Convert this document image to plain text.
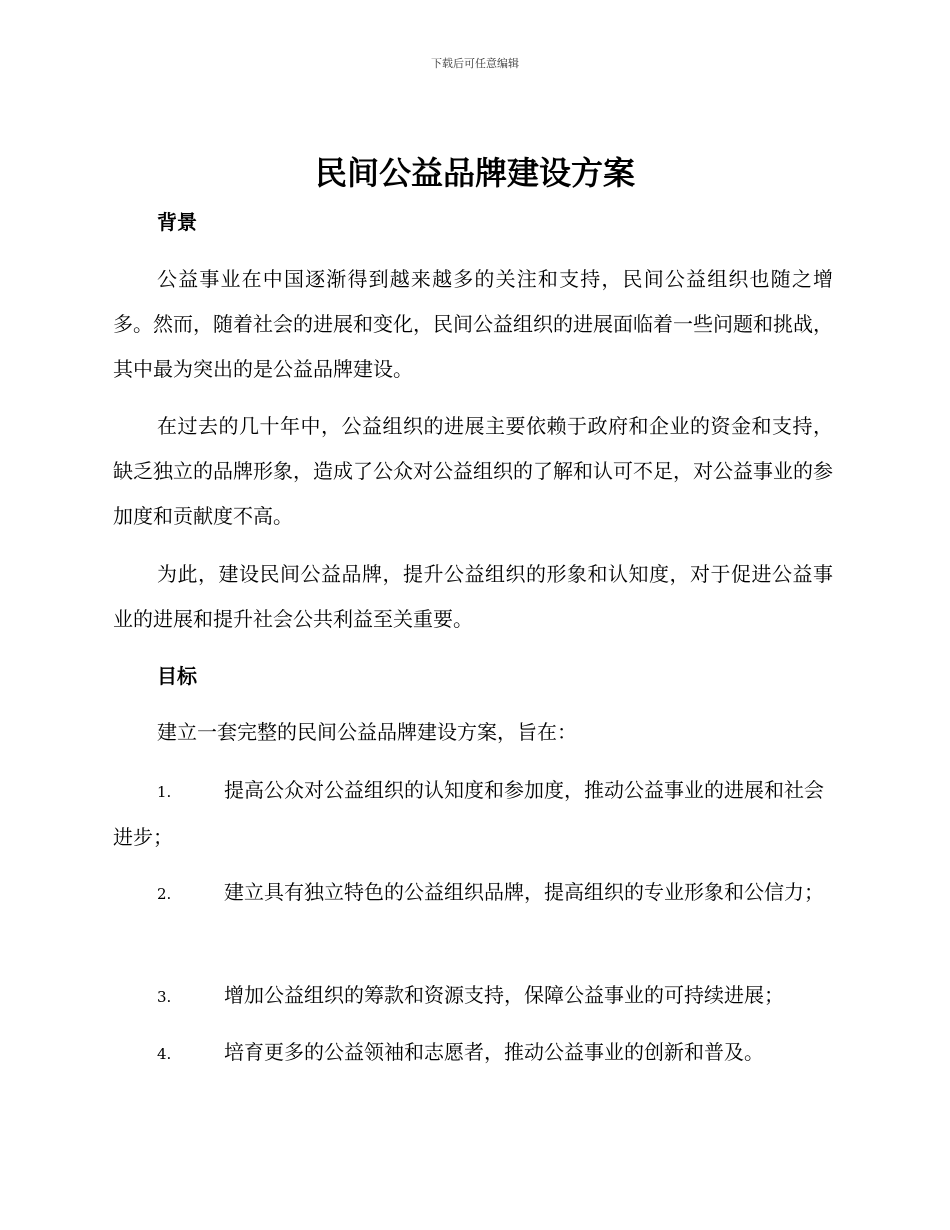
下载后可任意编辑
民间公益品牌建设方案
背景

公益事业在中国逐渐得到越来越多的关注和支持，民间公益组织也随之增多。然而，随着社会的进展和变化，民间公益组织的进展面临着一些问题和挑战，其中最为突出的是公益品牌建设。

在过去的几十年中，公益组织的进展主要依赖于政府和企业的资金和支持，缺乏独立的品牌形象，造成了公众对公益组织的了解和认可不足，对公益事业的参加度和贡献度不高。

为此，建设民间公益品牌，提升公益组织的形象和认知度，对于促进公益事业的进展和提升社会公共利益至关重要。

目标

建立一套完整的民间公益品牌建设方案，旨在：

1.	提高公众对公益组织的认知度和参加度，推动公益事业的进展和社会进步；

2.	建立具有独立特色的公益组织品牌，提高组织的专业形象和公信力；

3.	增加公益组织的筹款和资源支持，保障公益事业的可持续进展；

4.	培育更多的公益领袖和志愿者，推动公益事业的创新和普及。
